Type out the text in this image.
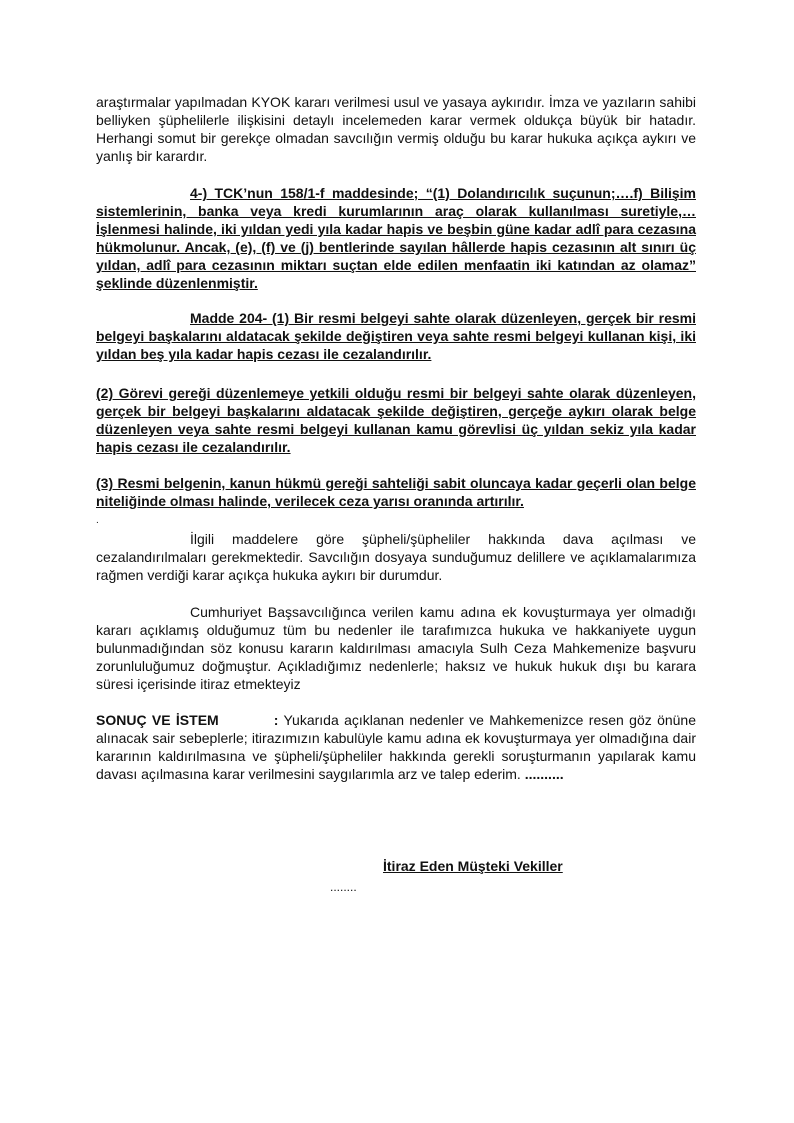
araştırmalar yapılmadan KYOK kararı verilmesi usul ve yasaya aykırıdır. İmza ve yazıların sahibi belliyken şüphelilerle ilişkisini detaylı incelemeden karar vermek oldukça büyük bir hatadır. Herhangi somut bir gerekçe olmadan savcılığın vermiş olduğu bu karar hukuka açıkça aykırı ve yanlış bir karardır.

4-) TCK’nun 158/1-f maddesinde; “(1) Dolandırıcılık suçunun;….f) Bilişim sistemlerinin, banka veya kredi kurumlarının araç olarak kullanılması suretiyle,…İşlenmesi halinde, iki yıldan yedi yıla kadar hapis ve beşbin güne kadar adlî para cezasına hükmolunur. Ancak, (e), (f) ve (j) bentlerinde sayılan hâllerde hapis cezasının alt sınırı üç yıldan, adlî para cezasının miktarı suçtan elde edilen menfaatin iki katından az olamaz” şeklinde düzenlenmiştir.

Madde 204- (1) Bir resmi belgeyi sahte olarak düzenleyen, gerçek bir resmi belgeyi başkalarını aldatacak şekilde değiştiren veya sahte resmi belgeyi kullanan kişi, iki yıldan beş yıla kadar hapis cezası ile cezalandırılır.

(2) Görevi gereği düzenlemeye yetkili olduğu resmi bir belgeyi sahte olarak düzenleyen, gerçek bir belgeyi başkalarını aldatacak şekilde değiştiren, gerçeğe aykırı olarak belge düzenleyen veya sahte resmi belgeyi kullanan kamu görevlisi üç yıldan sekiz yıla kadar hapis cezası ile cezalandırılır.

(3) Resmi belgenin, kanun hükmü gereği sahteliği sabit oluncaya kadar geçerli olan belge niteliğinde olması halinde, verilecek ceza yarısı oranında artırılır.

.

İlgili maddelere göre şüpheli/şüpheliler hakkında dava açılması ve cezalandırılmaları gerekmektedir. Savcılığın dosyaya sunduğumuz delillere ve açıklamalarımıza rağmen verdiği karar açıkça hukuka aykırı bir durumdur.

Cumhuriyet Başsavcılığınca verilen kamu adına ek kovuşturmaya yer olmadığı kararı açıklamış olduğumuz tüm bu nedenler ile tarafımızca hukuka ve hakkaniyete uygun bulunmadığından söz konusu kararın kaldırılması amacıyla Sulh Ceza Mahkemenize başvuru zorunluluğumuz doğmuştur. Açıkladığımız nedenlerle; haksız ve hukuk hukuk dışı bu karara süresi içerisinde itiraz etmekteyiz

SONUÇ VE İSTEM	: Yukarıda açıklanan nedenler ve Mahkemenizce resen göz önüne alınacak sair sebeplerle; itirazımızın kabulüyle kamu adına ek kovuşturmaya yer olmadığına dair kararının kaldırılmasına ve şüpheli/şüpheliler hakkında gerekli soruşturmanın yapılarak kamu davası açılmasına karar verilmesini saygılarımla arz ve talep ederim. ..........

İtiraz Eden Müşteki Vekiller

........
